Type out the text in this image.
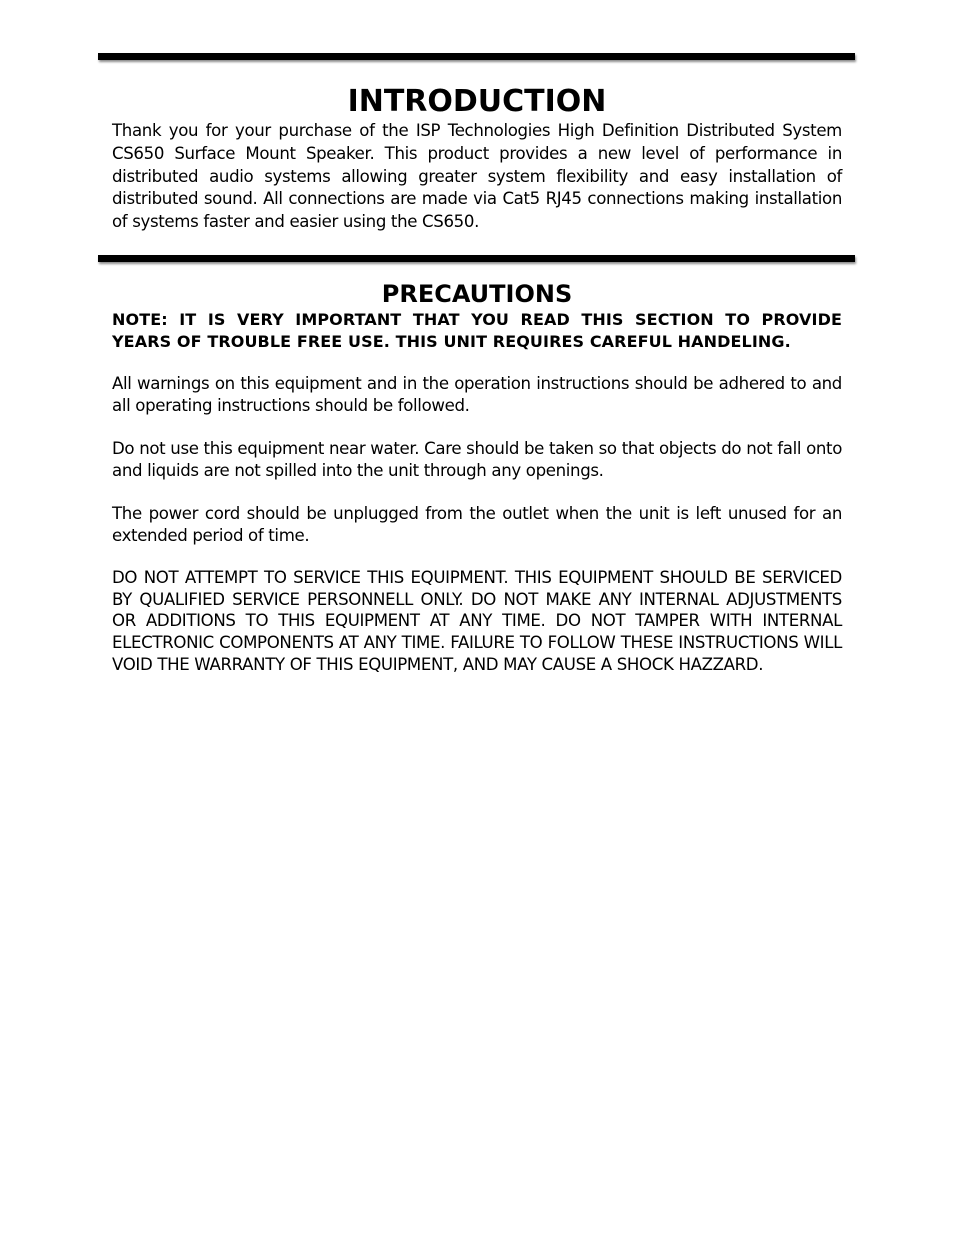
INTRODUCTION

Thank you for your purchase of the ISP Technologies High Definition Distributed System CS650 Surface Mount Speaker. This product provides a new level of performance in distributed audio systems allowing greater system flexibility and easy installation of distributed sound. All connections are made via Cat5 RJ45 connections making installation of systems faster and easier using the CS650.

PRECAUTIONS

NOTE: IT IS VERY IMPORTANT THAT YOU READ THIS SECTION TO PROVIDE YEARS OF TROUBLE FREE USE. THIS UNIT REQUIRES CAREFUL HANDELING.

All warnings on this equipment and in the operation instructions should be adhered to and all operating instructions should be followed.

Do not use this equipment near water. Care should be taken so that objects do not fall onto and liquids are not spilled into the unit through any openings.

The power cord should be unplugged from the outlet when the unit is left unused for an extended period of time.

DO NOT ATTEMPT TO SERVICE THIS EQUIPMENT. THIS EQUIPMENT SHOULD BE SERVICED BY QUALIFIED SERVICE PERSONNELL ONLY. DO NOT MAKE ANY INTERNAL ADJUSTMENTS OR ADDITIONS TO THIS EQUIPMENT AT ANY TIME. DO NOT TAMPER WITH INTERNAL ELECTRONIC COMPONENTS AT ANY TIME. FAILURE TO FOLLOW THESE INSTRUCTIONS WILL VOID THE WARRANTY OF THIS EQUIPMENT, AND MAY CAUSE A SHOCK HAZZARD.
